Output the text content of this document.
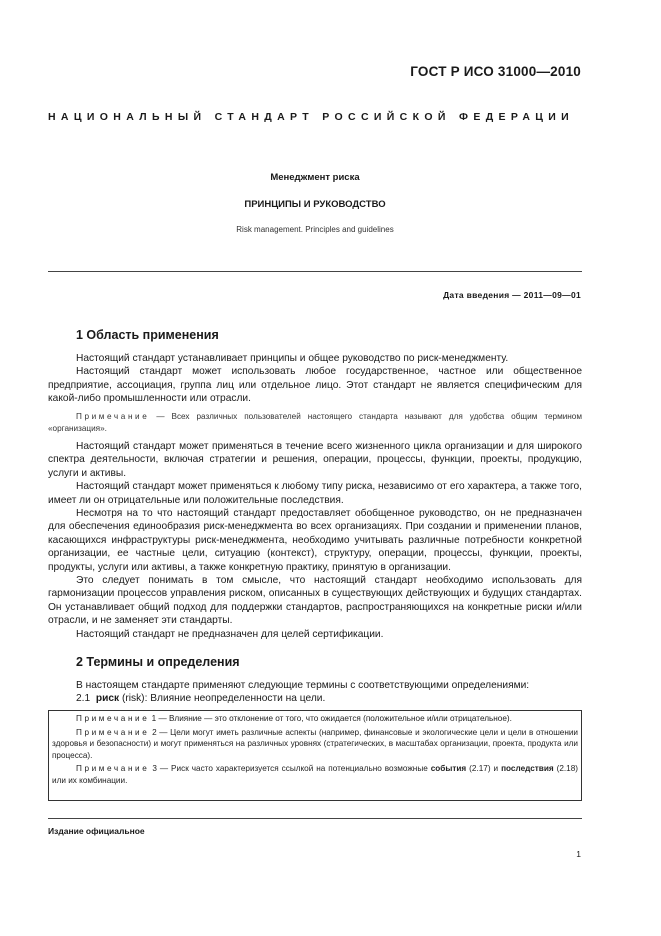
ГОСТ Р ИСО 31000—2010
НАЦИОНАЛЬНЫЙ СТАНДАРТ РОССИЙСКОЙ ФЕДЕРАЦИИ
Менеджмент риска
ПРИНЦИПЫ И РУКОВОДСТВО
Risk management. Principles and guidelines
Дата введения — 2011—09—01
1 Область применения

Настоящий стандарт устанавливает принципы и общее руководство по риск-менеджменту.

Настоящий стандарт может использовать любое государственное, частное или общественное предприятие, ассоциация, группа лиц или отдельное лицо. Этот стандарт не является специфическим для какой-либо промышленности или отрасли.

Примечание — Всех различных пользователей настоящего стандарта называют для удобства общим термином «организация».

Настоящий стандарт может применяться в течение всего жизненного цикла организации и для широкого спектра деятельности, включая стратегии и решения, операции, процессы, функции, проекты, продукцию, услуги и активы.

Настоящий стандарт может применяться к любому типу риска, независимо от его характера, а также того, имеет ли он отрицательные или положительные последствия.

Несмотря на то что настоящий стандарт предоставляет обобщенное руководство, он не предназначен для обеспечения единообразия риск-менеджмента во всех организациях. При создании и применении планов, касающихся инфраструктуры риск-менеджмента, необходимо учитывать различные потребности конкретной организации, ее частные цели, ситуацию (контекст), структуру, операции, процессы, функции, проекты, продукты, услуги или активы, а также конкретную практику, принятую в организации.

Это следует понимать в том смысле, что настоящий стандарт необходимо использовать для гармонизации процессов управления риском, описанных в существующих действующих и будущих стандартах. Он устанавливает общий подход для поддержки стандартов, распространяющихся на конкретные риски и/или отрасли, и не заменяет эти стандарты.

Настоящий стандарт не предназначен для целей сертификации.

2 Термины и определения

В настоящем стандарте применяют следующие термины с соответствующими определениями:

2.1 риск (risk): Влияние неопределенности на цели.

Примечание 1 — Влияние — это отклонение от того, что ожидается (положительное и/или отрицательное).

Примечание 2 — Цели могут иметь различные аспекты (например, финансовые и экологические цели и цели в отношении здоровья и безопасности) и могут применяться на различных уровнях (стратегических, в масштабах организации, проекта, продукта или процесса).

Примечание 3 — Риск часто характеризуется ссылкой на потенциально возможные события (2.17) и последствия (2.18) или их комбинации.

Издание официальное
1
